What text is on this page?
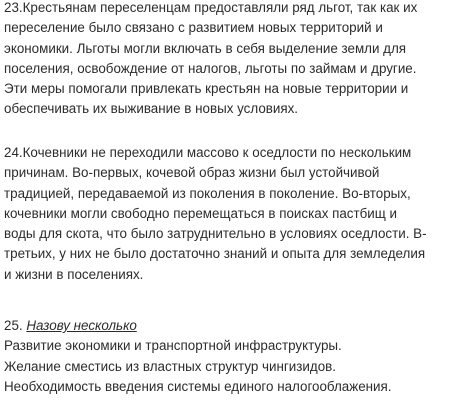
23.Крестьянам переселенцам предоставляли ряд льгот, так как их
переселение было связано с развитием новых территорий и
экономики. Льготы могли включать в себя выделение земли для
поселения, освобождение от налогов, льготы по займам и другие.
Эти меры помогали привлекать крестьян на новые территории и
обеспечивать их выживание в новых условиях.
24.Кочевники не переходили массово к оседлости по нескольким
причинам. Во-первых, кочевой образ жизни был устойчивой
традицией, передаваемой из поколения в поколение. Во-вторых,
кочевники могли свободно перемещаться в поисках пастбищ и
воды для скота, что было затруднительно в условиях оседлости. В-
третьих, у них не было достаточно знаний и опыта для земледелия
и жизни в поселениях.
25. Назову несколько
Развитие экономики и транспортной инфраструктуры.
Желание сместись из властных структур чингизидов.
Необходимость введения системы единого налогооблажения.
